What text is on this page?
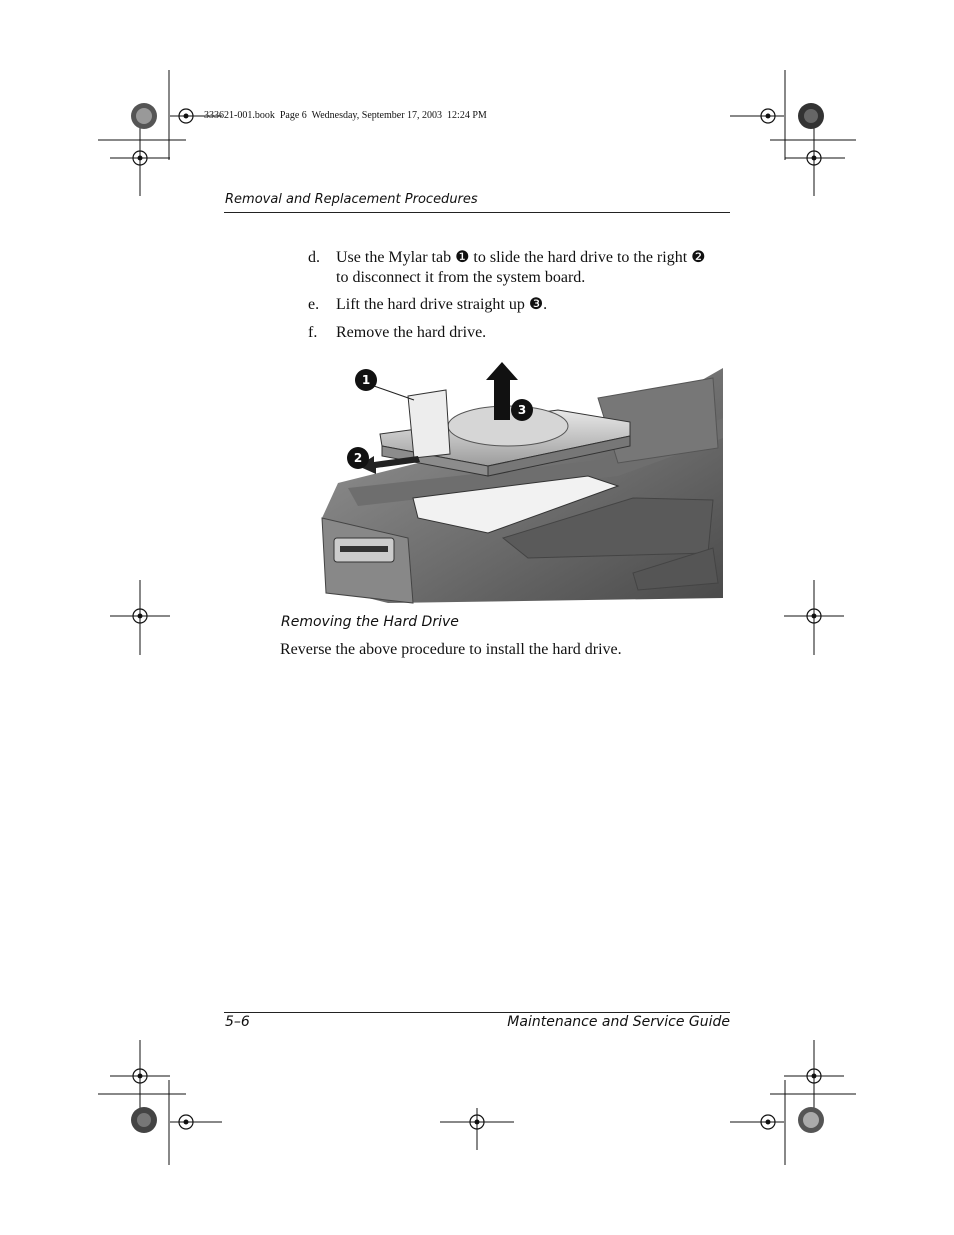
333621-001.book  Page 6  Wednesday, September 17, 2003  12:24 PM
Removal and Replacement Procedures
d. Use the Mylar tab ❶ to slide the hard drive to the right ❷
to disconnect it from the system board.
e. Lift the hard drive straight up ❸.
f. Remove the hard drive.
1
2
3
Removing the Hard Drive
Reverse the above procedure to install the hard drive.
5–6	Maintenance and Service Guide
